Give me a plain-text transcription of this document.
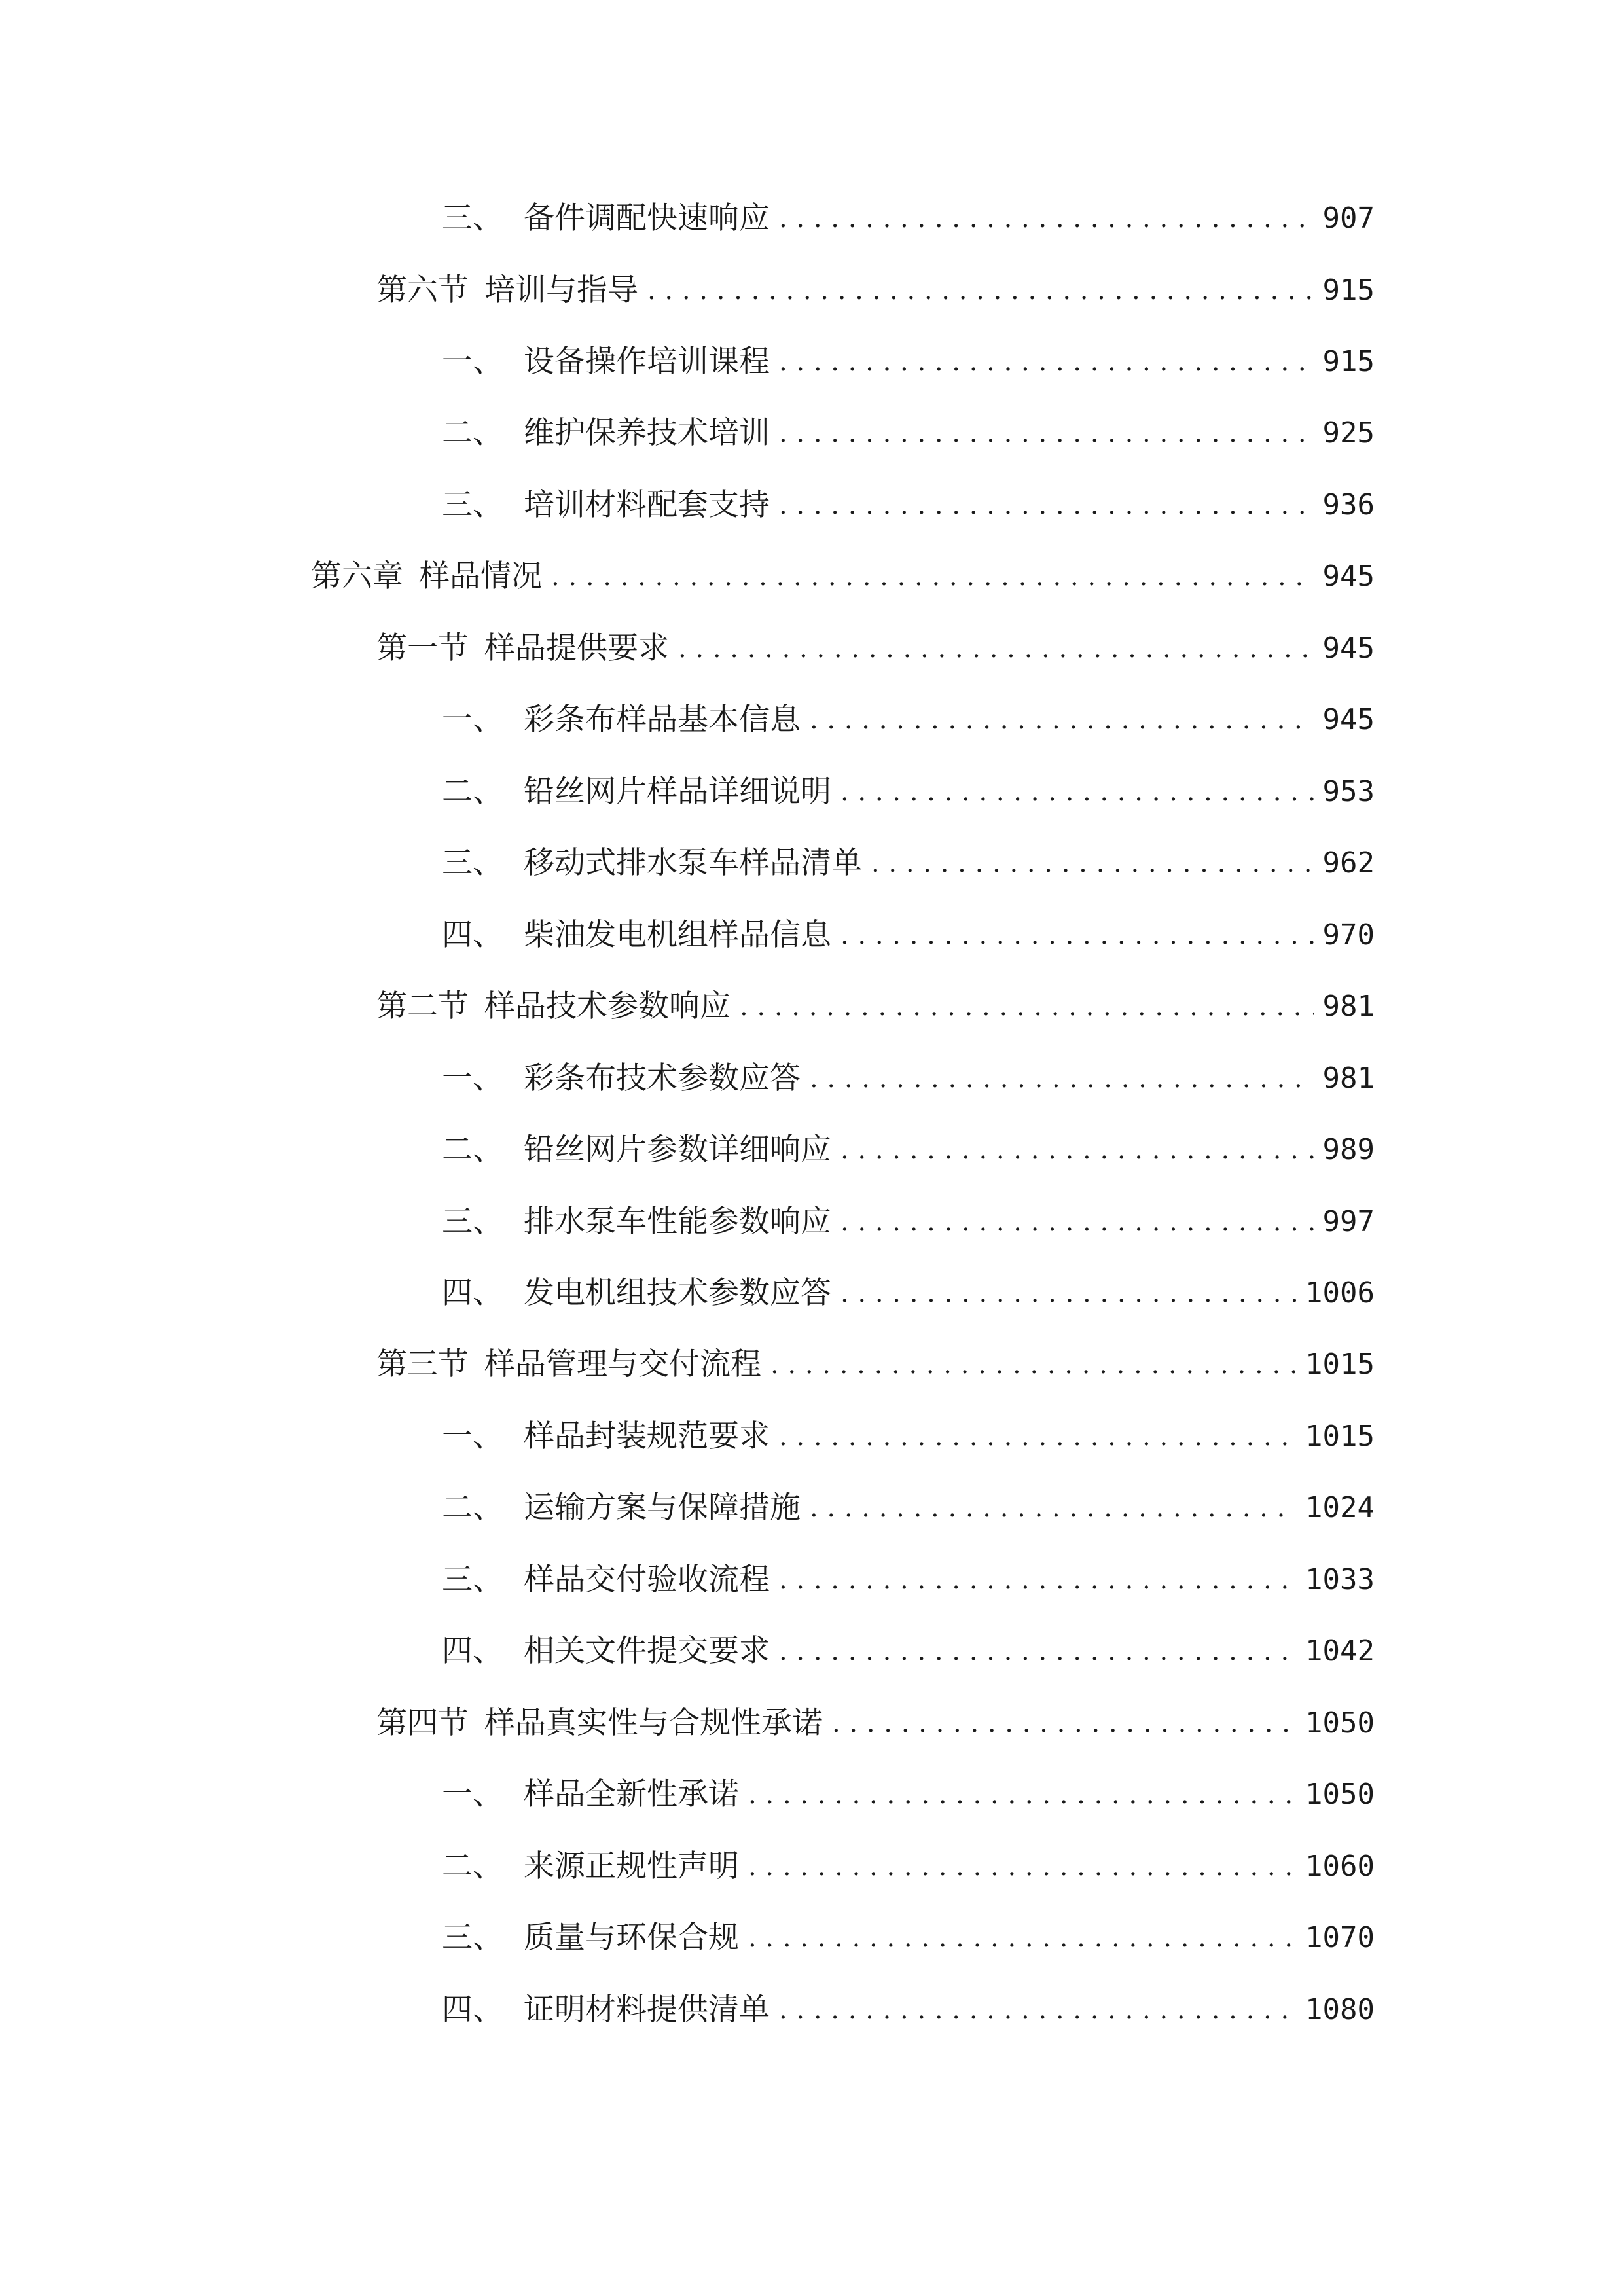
三、 备件调配快速响应 . . .	907
第六节 培训与指导 . . .	915
一、 设备操作培训课程 . . .	915
二、 维护保养技术培训 . . .	925
三、 培训材料配套支持 . . .	936
第六章 样品情况 . . .	945
第一节 样品提供要求 . . .	945
一、 彩条布样品基本信息 . . .	945
二、 铅丝网片样品详细说明 . . .	953
三、 移动式排水泵车样品清单 . . .	962
四、 柴油发电机组样品信息 . . .	970
第二节 样品技术参数响应 . . .	981
一、 彩条布技术参数应答 . . .	981
二、 铅丝网片参数详细响应 . . .	989
三、 排水泵车性能参数响应 . . .	997
四、 发电机组技术参数应答 . . .	1006
第三节 样品管理与交付流程 . . .	1015
一、 样品封装规范要求 . . .	1015
二、 运输方案与保障措施 . . .	1024
三、 样品交付验收流程 . . .	1033
四、 相关文件提交要求 . . .	1042
第四节 样品真实性与合规性承诺 . . .	1050
一、 样品全新性承诺 . . .	1050
二、 来源正规性声明 . . .	1060
三、 质量与环保合规 . . .	1070
四、 证明材料提供清单 . . .	1080
